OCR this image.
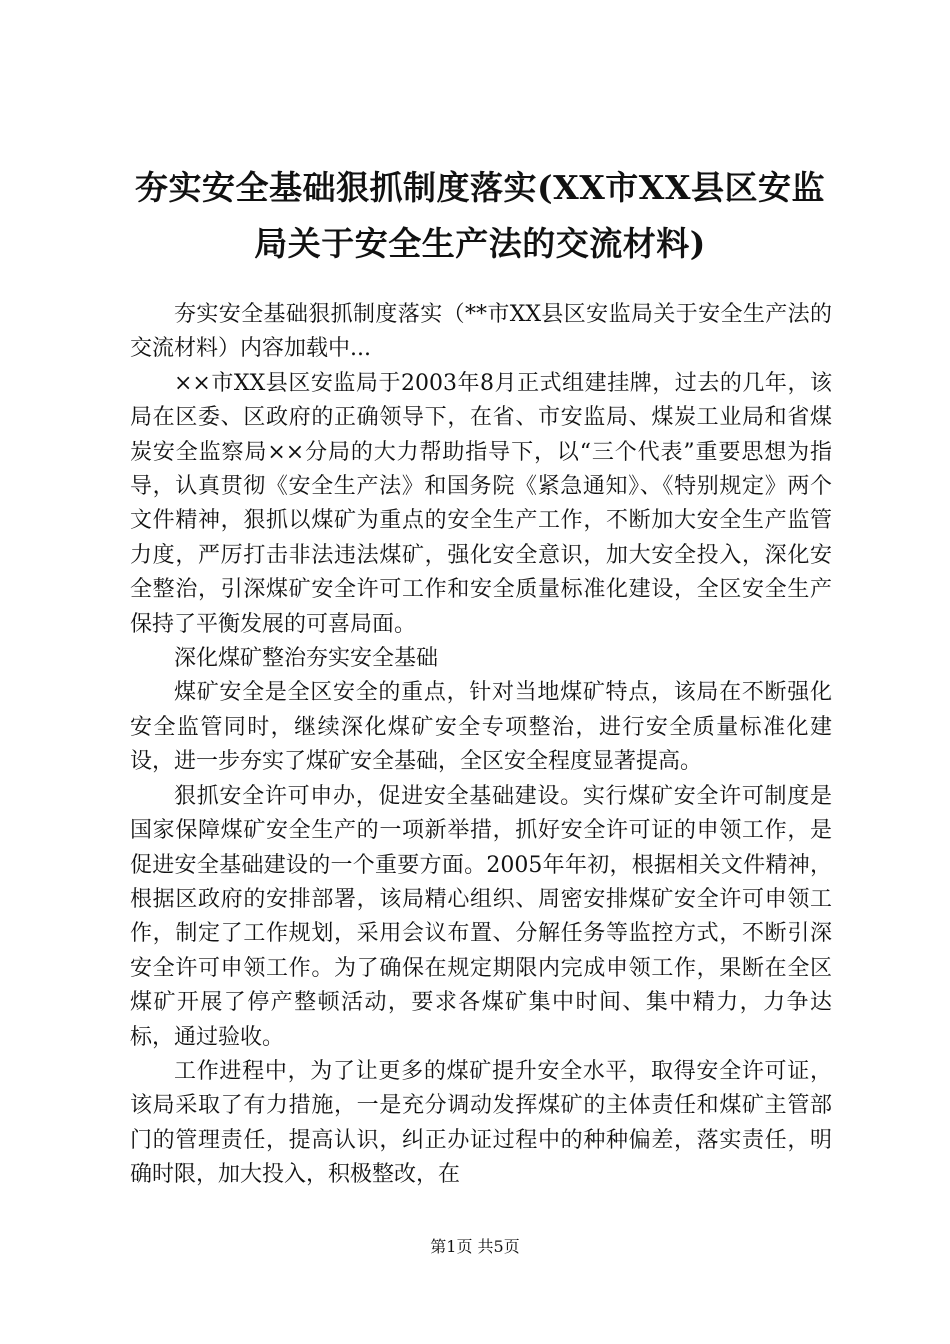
夯实安全基础狠抓制度落实(XX市XX县区安监局关于安全生产法的交流材料)

夯实安全基础狠抓制度落实（**市XX县区安监局关于安全生产法的交流材料）内容加载中...

××市XX县区安监局于2003年8月正式组建挂牌，过去的几年，该局在区委、区政府的正确领导下，在省、市安监局、煤炭工业局和省煤炭安全监察局××分局的大力帮助指导下，以“三个代表”重要思想为指导，认真贯彻《安全生产法》和国务院《紧急通知》、《特别规定》两个文件精神，狠抓以煤矿为重点的安全生产工作，不断加大安全生产监管力度，严厉打击非法违法煤矿，强化安全意识，加大安全投入，深化安全整治，引深煤矿安全许可工作和安全质量标准化建设，全区安全生产保持了平衡发展的可喜局面。

深化煤矿整治夯实安全基础

煤矿安全是全区安全的重点，针对当地煤矿特点，该局在不断强化安全监管同时，继续深化煤矿安全专项整治，进行安全质量标准化建设，进一步夯实了煤矿安全基础，全区安全程度显著提高。

狠抓安全许可申办，促进安全基础建设。实行煤矿安全许可制度是国家保障煤矿安全生产的一项新举措，抓好安全许可证的申领工作，是促进安全基础建设的一个重要方面。2005年年初，根据相关文件精神，根据区政府的安排部署，该局精心组织、周密安排煤矿安全许可申领工作，制定了工作规划，采用会议布置、分解任务等监控方式，不断引深安全许可申领工作。为了确保在规定期限内完成申领工作，果断在全区煤矿开展了停产整顿活动，要求各煤矿集中时间、集中精力，力争达标，通过验收。

工作进程中，为了让更多的煤矿提升安全水平，取得安全许可证，该局采取了有力措施，一是充分调动发挥煤矿的主体责任和煤矿主管部门的管理责任，提高认识，纠正办证过程中的种种偏差，落实责任，明确时限，加大投入，积极整改，在

第1页 共5页
